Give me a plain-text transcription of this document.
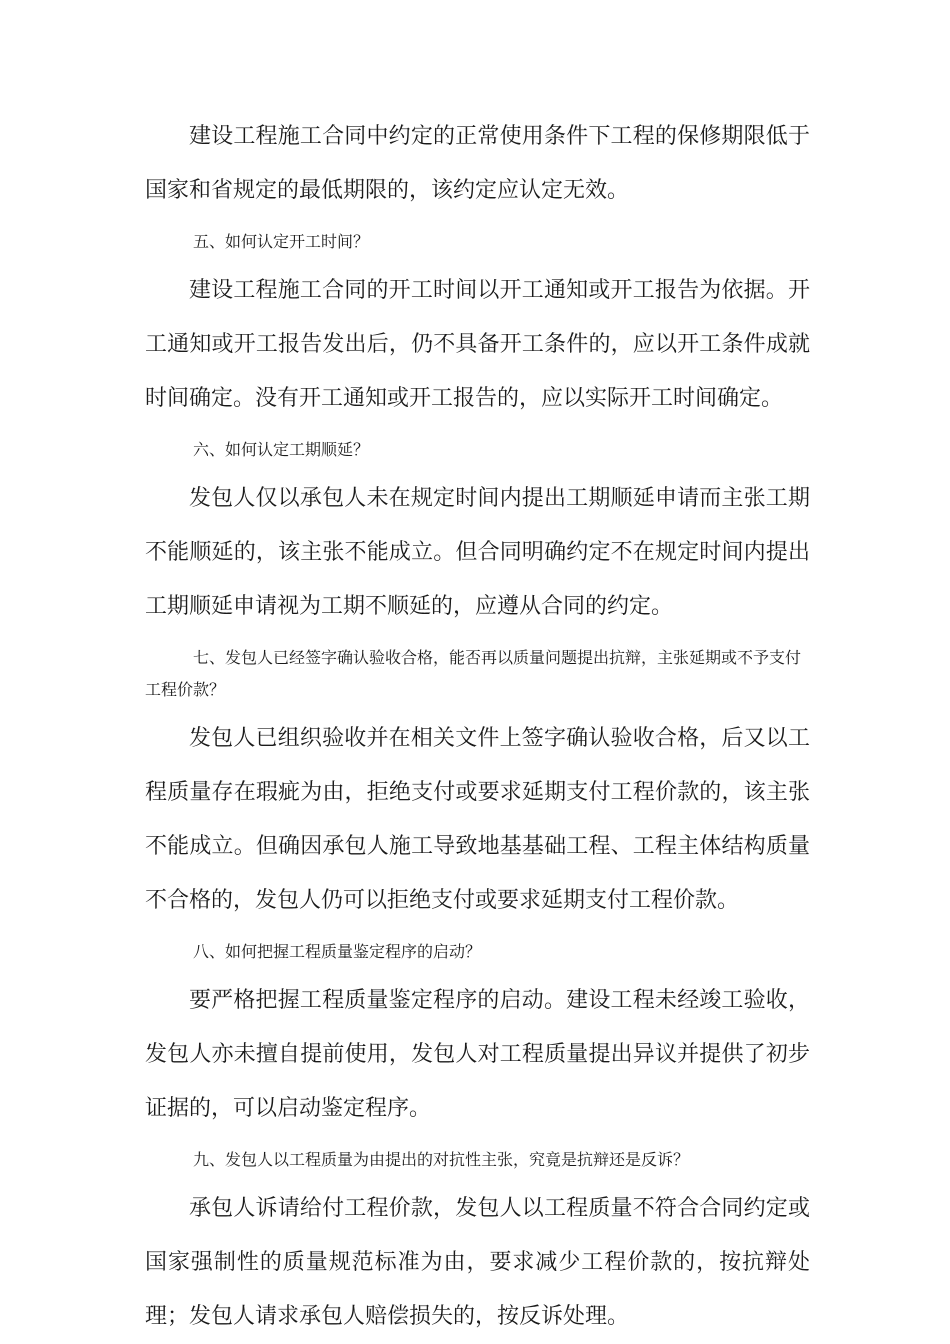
建设工程施工合同中约定的正常使用条件下工程的保修期限低于国家和省规定的最低期限的，该约定应认定无效。

五、如何认定开工时间？

建设工程施工合同的开工时间以开工通知或开工报告为依据。开工通知或开工报告发出后，仍不具备开工条件的，应以开工条件成就时间确定。没有开工通知或开工报告的，应以实际开工时间确定。

六、如何认定工期顺延？

发包人仅以承包人未在规定时间内提出工期顺延申请而主张工期不能顺延的，该主张不能成立。但合同明确约定不在规定时间内提出工期顺延申请视为工期不顺延的，应遵从合同的约定。

七、发包人已经签字确认验收合格，能否再以质量问题提出抗辩，主张延期或不予支付工程价款？

发包人已组织验收并在相关文件上签字确认验收合格，后又以工程质量存在瑕疵为由，拒绝支付或要求延期支付工程价款的，该主张不能成立。但确因承包人施工导致地基基础工程、工程主体结构质量不合格的，发包人仍可以拒绝支付或要求延期支付工程价款。

八、如何把握工程质量鉴定程序的启动？

要严格把握工程质量鉴定程序的启动。建设工程未经竣工验收，发包人亦未擅自提前使用，发包人对工程质量提出异议并提供了初步证据的，可以启动鉴定程序。

九、发包人以工程质量为由提出的对抗性主张，究竟是抗辩还是反诉？

承包人诉请给付工程价款，发包人以工程质量不符合合同约定或国家强制性的质量规范标准为由，要求减少工程价款的，按抗辩处理；发包人请求承包人赔偿损失的，按反诉处理。
